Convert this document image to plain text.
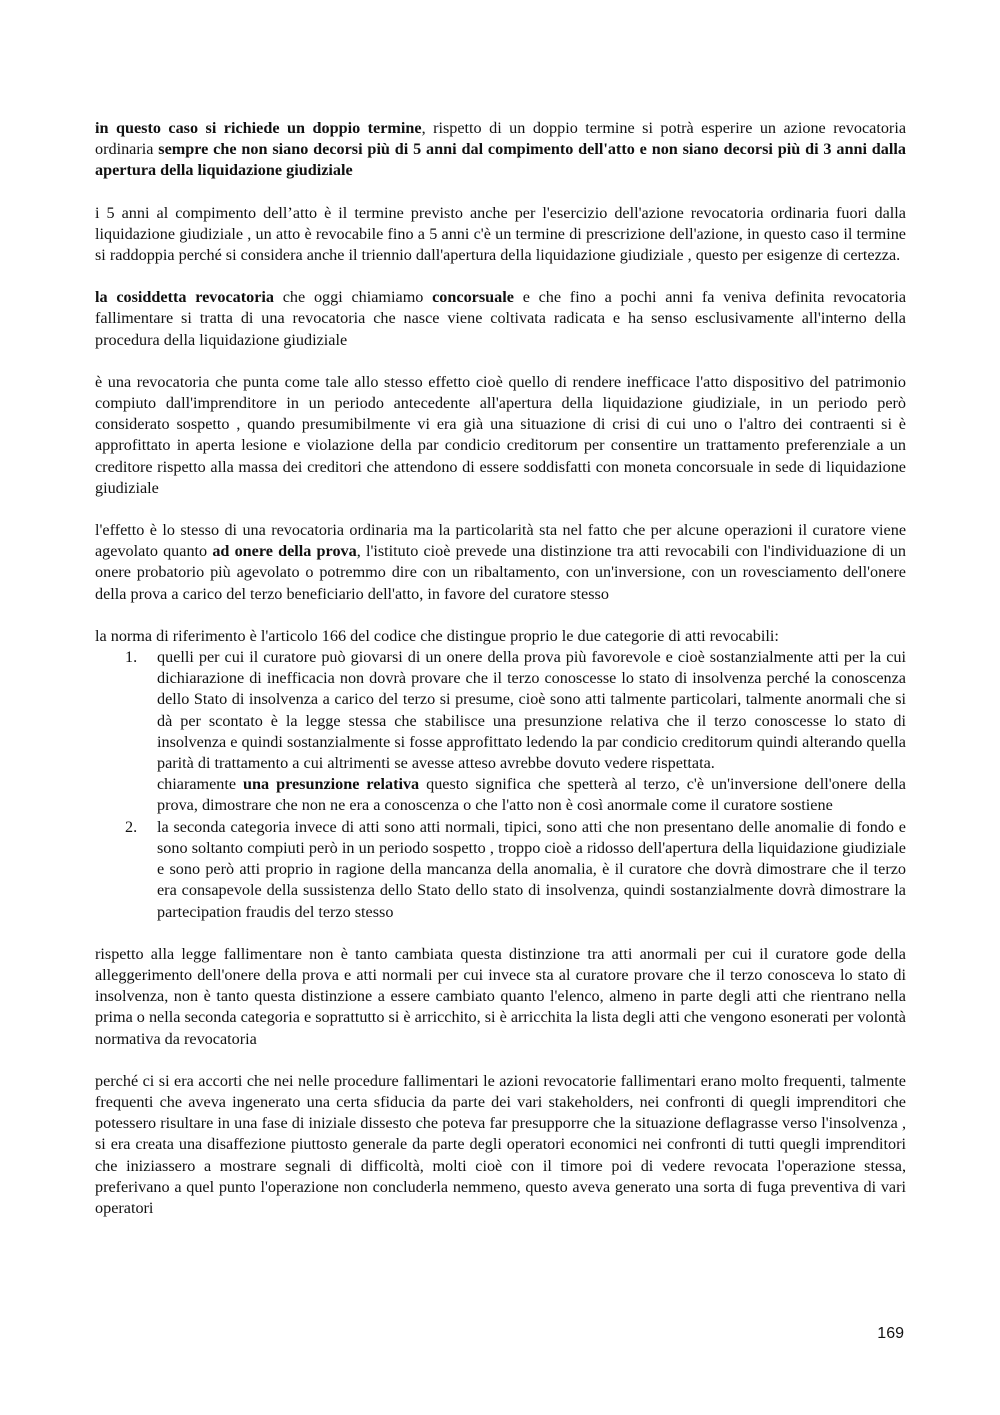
in questo caso si richiede un doppio termine, rispetto di un doppio termine si potrà esperire un azione revocatoria ordinaria sempre che non siano decorsi più di 5 anni dal compimento dell'atto e non siano decorsi più di 3 anni dalla apertura della liquidazione giudiziale

i 5 anni al compimento dell’atto è il termine previsto anche per l'esercizio dell'azione revocatoria ordinaria fuori dalla liquidazione giudiziale , un atto è revocabile fino a 5 anni c'è un termine di prescrizione dell'azione, in questo caso il termine si raddoppia perché si considera anche il triennio dall'apertura della liquidazione giudiziale , questo per esigenze di certezza.

la cosiddetta revocatoria che oggi chiamiamo concorsuale e che fino a pochi anni fa veniva definita revocatoria fallimentare si tratta di una revocatoria che nasce viene coltivata radicata e ha senso esclusivamente all'interno della procedura della liquidazione giudiziale

è una revocatoria che punta come tale allo stesso effetto cioè quello di rendere inefficace l'atto dispositivo del patrimonio compiuto dall'imprenditore in un periodo antecedente all'apertura della liquidazione giudiziale, in un periodo però considerato sospetto , quando presumibilmente vi era già una situazione di crisi di cui uno o l'altro dei contraenti si è approfittato in aperta lesione e violazione della par condicio creditorum per consentire un trattamento preferenziale a un creditore rispetto alla massa dei creditori che attendono di essere soddisfatti con moneta concorsuale in sede di liquidazione giudiziale

l'effetto è lo stesso di una revocatoria ordinaria ma la particolarità sta nel fatto che per alcune operazioni il curatore viene agevolato quanto ad onere della prova, l'istituto cioè prevede una distinzione tra atti revocabili con l'individuazione di un onere probatorio più agevolato o potremmo dire con un ribaltamento, con un'inversione, con un rovesciamento dell'onere della prova a carico del terzo beneficiario dell'atto, in favore del curatore stesso

la norma di riferimento è l'articolo 166 del codice che distingue proprio le due categorie di atti revocabili:

1. quelli per cui il curatore può giovarsi di un onere della prova più favorevole e cioè sostanzialmente atti per la cui dichiarazione di inefficacia non dovrà provare che il terzo conoscesse lo stato di insolvenza perché la conoscenza dello Stato di insolvenza a carico del terzo si presume, cioè sono atti talmente particolari, talmente anormali che si dà per scontato è la legge stessa che stabilisce una presunzione relativa che il terzo conoscesse lo stato di insolvenza e quindi sostanzialmente si fosse approfittato ledendo la par condicio creditorum quindi alterando quella parità di trattamento a cui altrimenti se avesse atteso avrebbe dovuto vedere rispettata.

chiaramente una presunzione relativa questo significa che spetterà al terzo, c'è un'inversione dell'onere della prova, dimostrare che non ne era a conoscenza o che l'atto non è così anormale come il curatore sostiene

2. la seconda categoria invece di atti sono atti normali, tipici, sono atti che non presentano delle anomalie di fondo e sono soltanto compiuti però in un periodo sospetto , troppo cioè a ridosso dell'apertura della liquidazione giudiziale e sono però atti proprio in ragione della mancanza della anomalia, è il curatore che dovrà dimostrare che il terzo era consapevole della sussistenza dello Stato dello stato di insolvenza, quindi sostanzialmente dovrà dimostrare la partecipation fraudis del terzo stesso

rispetto alla legge fallimentare non è tanto cambiata questa distinzione tra atti anormali per cui il curatore gode della alleggerimento dell'onere della prova e atti normali per cui invece sta al curatore provare che il terzo conosceva lo stato di insolvenza, non è tanto questa distinzione a essere cambiato quanto l'elenco, almeno in parte degli atti che rientrano nella prima o nella seconda categoria e soprattutto si è arricchito, si è arricchita la lista degli atti che vengono esonerati per volontà normativa da revocatoria

perché ci si era accorti che nei nelle procedure fallimentari le azioni revocatorie fallimentari erano molto frequenti, talmente frequenti che aveva ingenerato una certa sfiducia da parte dei vari stakeholders, nei confronti di quegli imprenditori che potessero risultare in una fase di iniziale dissesto che poteva far presupporre che la situazione deflagrasse verso l'insolvenza , si era creata una disaffezione piuttosto generale da parte degli operatori economici nei confronti di tutti quegli imprenditori che iniziassero a mostrare segnali di difficoltà, molti cioè con il timore poi di vedere revocata l'operazione stessa, preferivano a quel punto l'operazione non concluderla nemmeno, questo aveva generato una sorta di fuga preventiva di vari operatori

169
